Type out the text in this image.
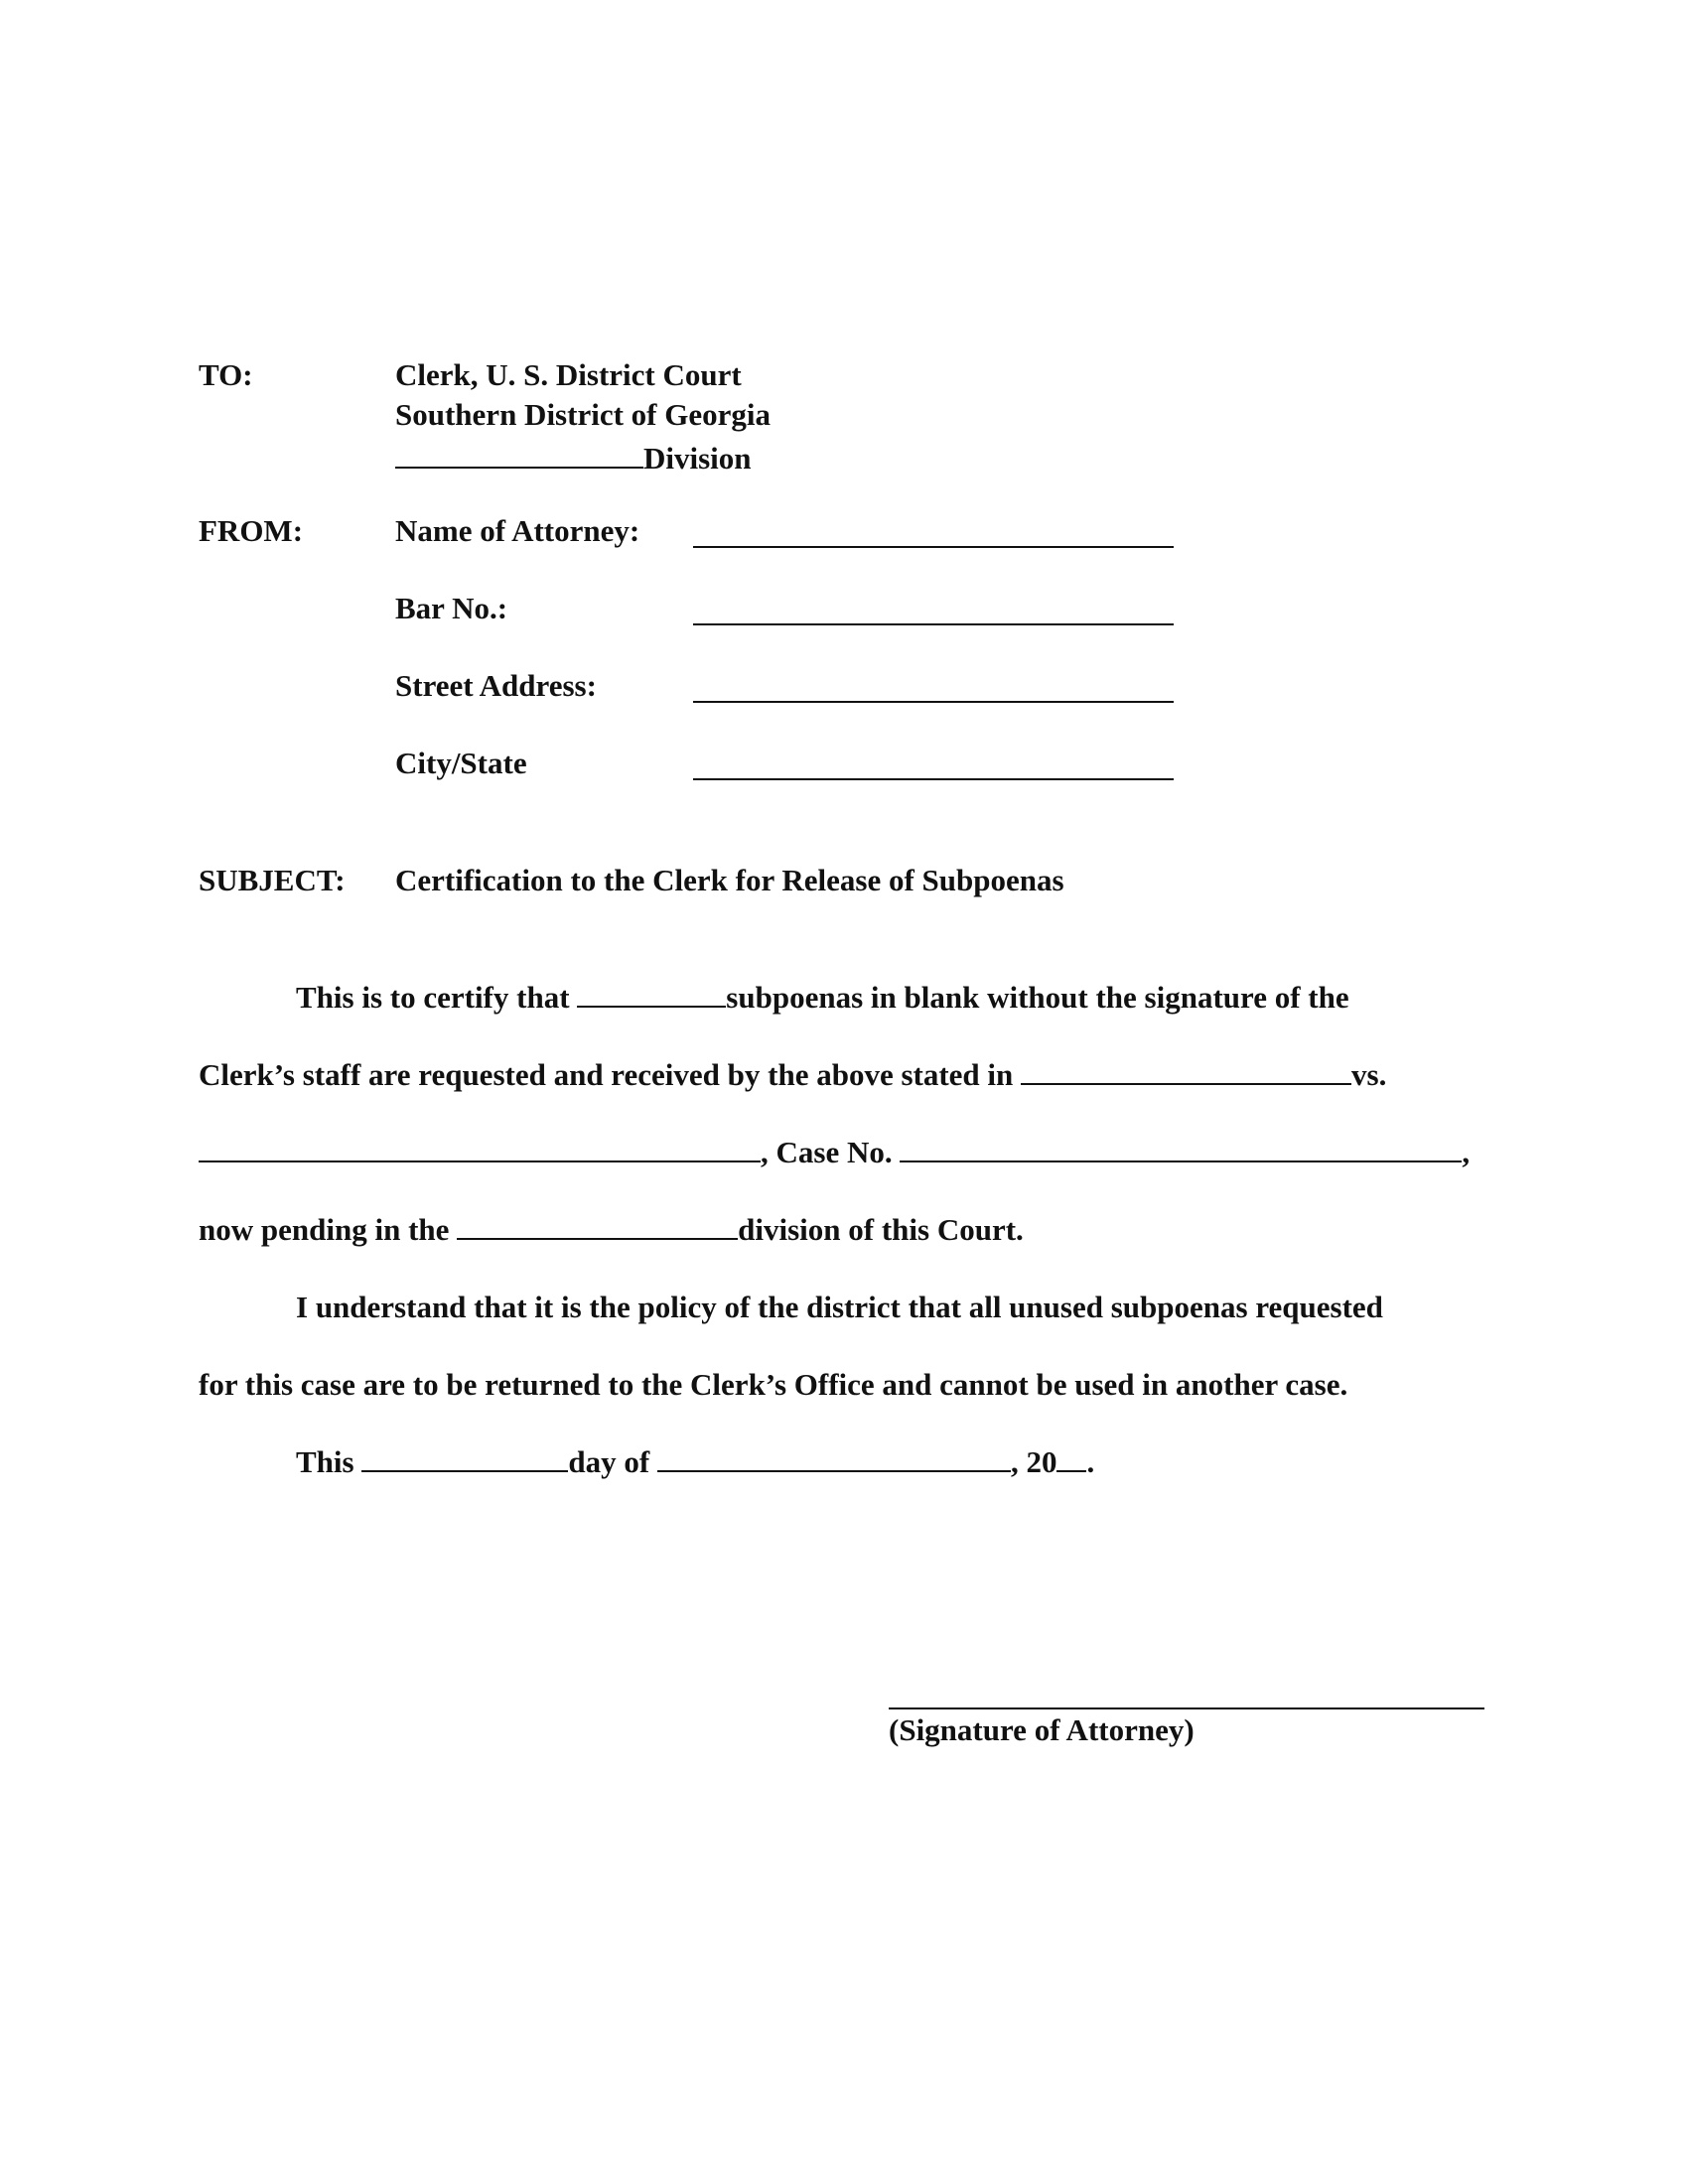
TO:	Clerk, U. S. District Court
Southern District of Georgia
Division
FROM:	Name of Attorney:
Bar No.:
Street Address:
City/State
SUBJECT: Certification to the Clerk for Release of Subpoenas
This is to certify that	subpoenas in blank without the signature of the
Clerk’s staff are requested and received by the above stated in	vs.
, Case No.	,
now pending in the	division of this Court.
I understand that it is the policy of the district that all unused subpoenas requested
for this case are to be returned to the Clerk’s Office and cannot be used in another case.
This	day of	, 20 .
(Signature of Attorney)
